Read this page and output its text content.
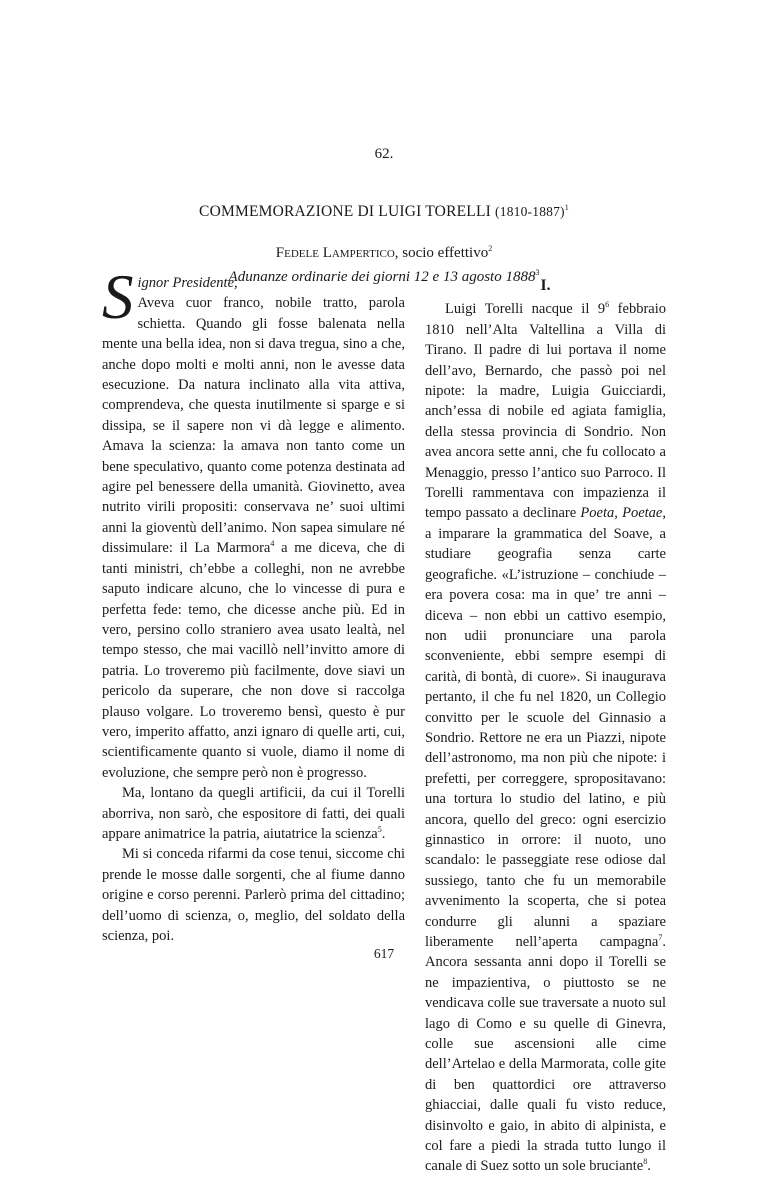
62.
COMMEMORAZIONE DI LUIGI TORELLI (1810-1887)$^1$
Fedele Lampertico, socio effettivo$^2$
Adunanze ordinarie dei giorni 12 e 13 agosto 1888$^3$
S ignor Presidente,

Aveva cuor franco, nobile tratto, parola schietta. Quando gli fosse balenata nella mente una bella idea, non si dava tregua, sino a che, anche dopo molti e molti anni, non le avesse data esecuzione. Da natura inclinato alla vita attiva, comprendeva, che questa inutilmente si sparge e si dissipa, se il sapere non vi dà legge e alimento. Amava la scienza: la amava non tanto come un bene speculativo, quanto come potenza destinata ad agire pel benessere della umanità. Giovinetto, avea nutrito virili propositi: conservava ne’ suoi ultimi anni la gioventù dell’animo. Non sapea simulare né dissimulare: il La Marmora$^4$ a me diceva, che di tanti ministri, ch’ebbe a colleghi, non ne avrebbe saputo indicare alcuno, che lo vincesse di pura e perfetta fede: temo, che dicesse anche più. Ed in vero, persino collo straniero avea usato lealtà, nel tempo stesso, che mai vacillò nell’invitto amore di patria. Lo troveremo più facilmente, dove siavi un pericolo da superare, che non dove si raccolga plauso volgare. Lo troveremo bensì, questo è pur vero, imperito affatto, anzi ignaro di quelle arti, cui, scientificamente quanto si vuole, diamo il nome di evoluzione, che sempre però non è progresso.

Ma, lontano da quegli artificii, da cui il Torelli aborriva, non sarò, che espositore di fatti, dei quali appare animatrice la patria, aiutatrice la scienza$^5$.

Mi si conceda rifarmi da cose tenui, siccome chi prende le mosse dalle sorgenti, che al fiume danno origine e corso perenni. Parlerò prima del cittadino; dell’uomo di scienza, o, meglio, del soldato della scienza, poi.

I.

Luigi Torelli nacque il $9^6$ febbraio 1810 nell’Alta Valtellina a Villa di Tirano. Il padre di lui portava il nome dell’avo, Bernardo, che passò poi nel nipote: la madre, Luigia Guicciardi, anch’essa di nobile ed agiata famiglia, della stessa provincia di Sondrio. Non avea ancora sette anni, che fu collocato a Menaggio, presso l’antico suo Parroco. Il Torelli rammentava con impazienza il tempo passato a declinare Poeta, Poetae, a imparare la grammatica del Soave, a studiare geografia senza carte geografiche. «L’istruzione – conchiude – era povera cosa: ma in que’ tre anni – diceva – non ebbi un cattivo esempio, non udii pronunciare una parola sconveniente, ebbi sempre esempi di carità, di bontà, di cuore». Si inaugurava pertanto, il che fu nel 1820, un Collegio convitto per le scuole del Ginnasio a Sondrio. Rettore ne era un Piazzi, nipote dell’astronomo, ma non più che nipote: i prefetti, per correggere, spropositavano: una tortura lo studio del latino, e più ancora, quello del greco: ogni esercizio ginnastico in orrore: il nuoto, uno scandalo: le passeggiate rese odiose dal sussiego, tanto che fu un memorabile avvenimento la scoperta, che si potea condurre gli alunni a spaziare liberamente nell’aperta campagna$^7$. Ancora sessanta anni dopo il Torelli se ne impazientiva, o piuttosto se ne vendicava colle sue traversate a nuoto sul lago di Como e su quelle di Ginevra, colle sue ascensioni alle cime dell’Artelao e della Marmorata, colle gite di ben quattordici ore attraverso ghiacciai, dalle quali fu visto reduce, disinvolto e gaio, in abito di alpinista, e col fare a piedi la strada tutto lungo il canale di Suez sotto un sole bruciante$^8$.

617
